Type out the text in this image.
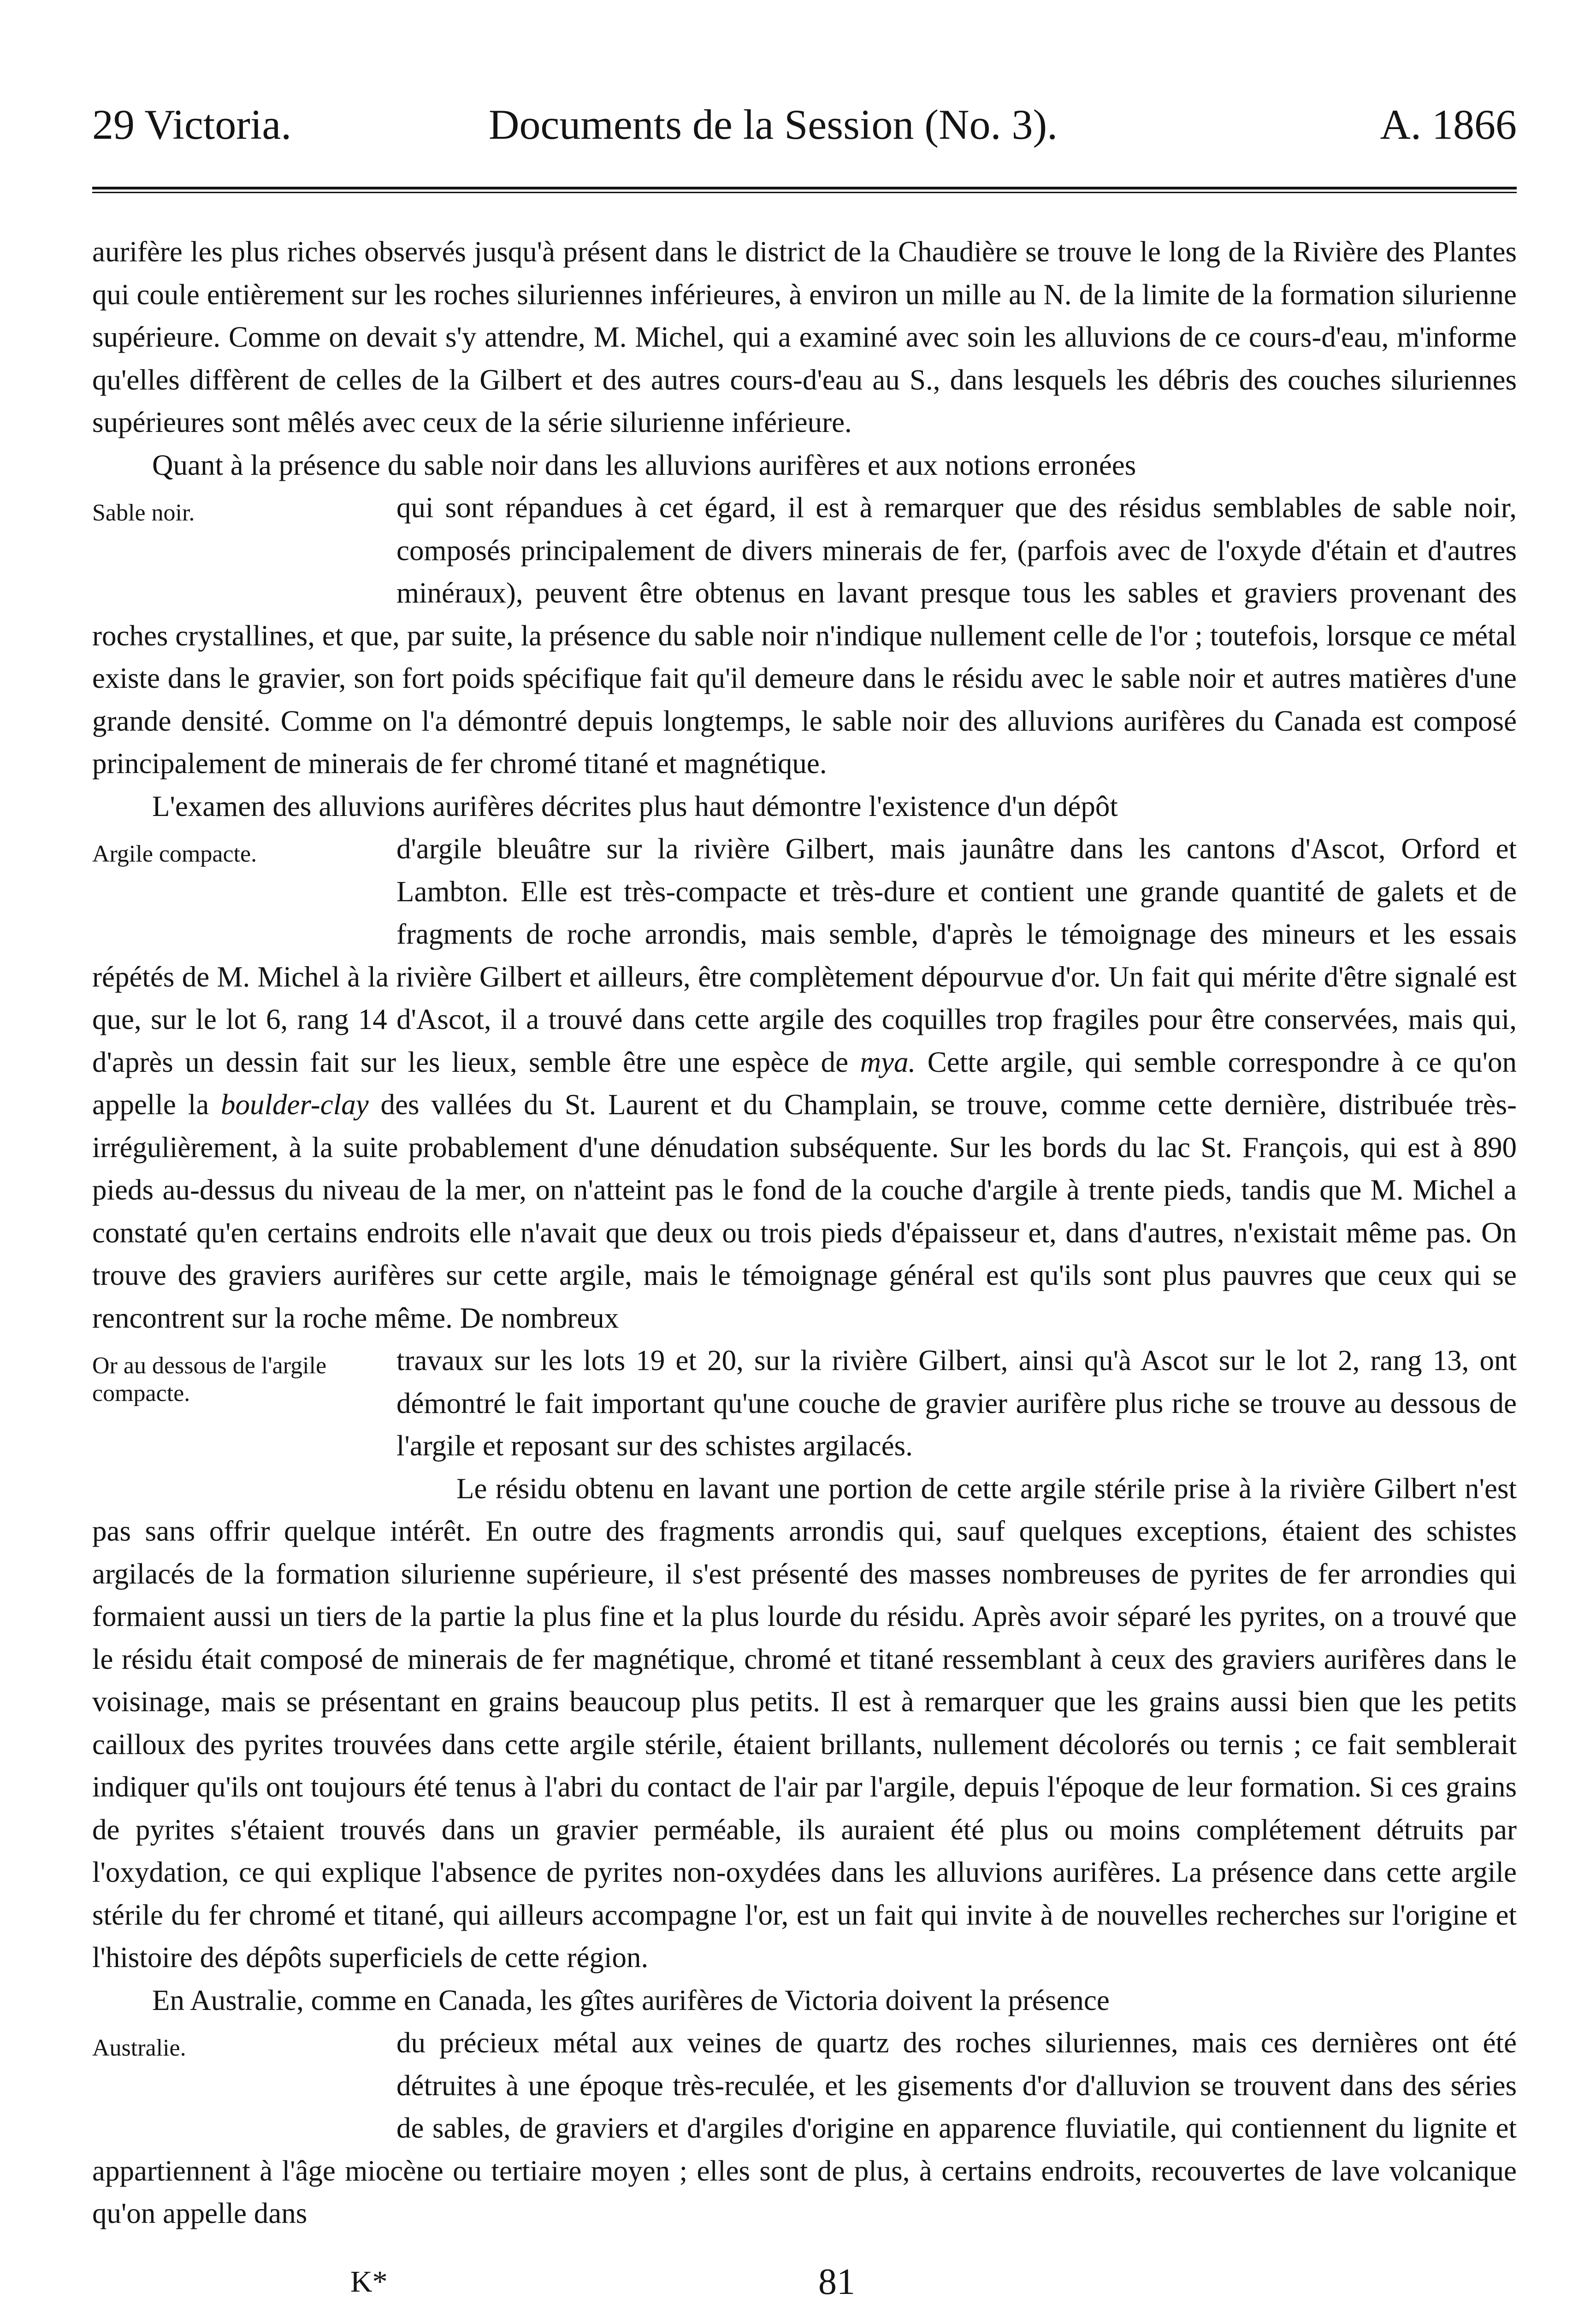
29 Victoria.	Documents de la Session (No. 3).	A. 1866

aurifère les plus riches observés jusqu'à présent dans le district de la Chaudière se trouve le long de la Rivière des Plantes qui coule entièrement sur les roches siluriennes inférieures, à environ un mille au N. de la limite de la formation silurienne supérieure. Comme on devait s'y attendre, M. Michel, qui a examiné avec soin les alluvions de ce cours-d'eau, m'informe qu'elles diffèrent de celles de la Gilbert et des autres cours-d'eau au S., dans lesquels les débris des couches siluriennes supérieures sont mêlés avec ceux de la série silurienne inférieure.

Quant à la présence du sable noir dans les alluvions aurifères et aux notions erronées

Sable noir.	qui sont répandues à cet égard, il est à remarquer que des résidus semblables de sable noir, composés principalement de divers minerais de fer, (parfois avec de l'oxyde d'étain et d'autres minéraux), peuvent être obtenus en lavant presque tous les sables et graviers provenant des roches crystallines, et que, par suite, la présence du sable noir n'indique nullement celle de l'or ; toutefois, lorsque ce métal existe dans le gravier, son fort poids spécifique fait qu'il demeure dans le résidu avec le sable noir et autres matières d'une grande densité. Comme on l'a démontré depuis longtemps, le sable noir des alluvions aurifères du Canada est composé principalement de minerais de fer chromé titané et magnétique.

L'examen des alluvions aurifères décrites plus haut démontre l'existence d'un dépôt

Argile compacte.	d'argile bleuâtre sur la rivière Gilbert, mais jaunâtre dans les cantons d'Ascot, Orford et Lambton. Elle est très-compacte et très-dure et contient une grande quantité de galets et de fragments de roche arrondis, mais semble, d'après le témoignage des mineurs et les essais répétés de M. Michel à la rivière Gilbert et ailleurs, être complètement dépourvue d'or. Un fait qui mérite d'être signalé est que, sur le lot 6, rang 14 d'Ascot, il a trouvé dans cette argile des coquilles trop fragiles pour être conservées, mais qui, d'après un dessin fait sur les lieux, semble être une espèce de mya. Cette argile, qui semble correspondre à ce qu'on appelle la boulder-clay des vallées du St. Laurent et du Champlain, se trouve, comme cette dernière, distribuée très-irrégulièrement, à la suite probablement d'une dénudation subséquente. Sur les bords du lac St. François, qui est à 890 pieds au-dessus du niveau de la mer, on n'atteint pas le fond de la couche d'argile à trente pieds, tandis que M. Michel a constaté qu'en certains endroits elle n'avait que deux ou trois pieds d'épaisseur et, dans d'autres, n'existait même pas. On trouve des graviers aurifères sur cette argile, mais le témoignage général est qu'ils sont plus pauvres que ceux qui se rencontrent sur la roche même. De nombreux

Or au dessous de l'argile compacte.
travaux sur les lots 19 et 20, sur la rivière Gilbert, ainsi qu'à Ascot sur le lot 2, rang 13, ont démontré le fait important qu'une couche de gravier aurifère plus riche se trouve au dessous de l'argile et reposant sur des schistes argilacés.

Le résidu obtenu en lavant une portion de cette argile stérile prise à la rivière Gilbert n'est pas sans offrir quelque intérêt. En outre des fragments arrondis qui, sauf quelques exceptions, étaient des schistes argilacés de la formation silurienne supérieure, il s'est présenté des masses nombreuses de pyrites de fer arrondies qui formaient aussi un tiers de la partie la plus fine et la plus lourde du résidu. Après avoir séparé les pyrites, on a trouvé que le résidu était composé de minerais de fer magnétique, chromé et titané ressemblant à ceux des graviers aurifères dans le voisinage, mais se présentant en grains beaucoup plus petits. Il est à remarquer que les grains aussi bien que les petits cailloux des pyrites trouvées dans cette argile stérile, étaient brillants, nullement décolorés ou ternis ; ce fait semblerait indiquer qu'ils ont toujours été tenus à l'abri du contact de l'air par l'argile, depuis l'époque de leur formation. Si ces grains de pyrites s'étaient trouvés dans un gravier perméable, ils auraient été plus ou moins complétement détruits par l'oxydation, ce qui explique l'absence de pyrites non-oxydées dans les alluvions aurifères. La présence dans cette argile stérile du fer chromé et titané, qui ailleurs accompagne l'or, est un fait qui invite à de nouvelles recherches sur l'origine et l'histoire des dépôts superficiels de cette région.

En Australie, comme en Canada, les gîtes aurifères de Victoria doivent la présence

Australie.	du précieux métal aux veines de quartz des roches siluriennes, mais ces dernières ont été détruites à une époque très-reculée, et les gisements d'or d'alluvion se trouvent dans des séries de sables, de graviers et d'argiles d'origine en apparence fluviatile, qui contiennent du lignite et appartiennent à l'âge miocène ou tertiaire moyen ; elles sont de plus, à certains endroits, recouvertes de lave volcanique qu'on appelle dans

K*	81
